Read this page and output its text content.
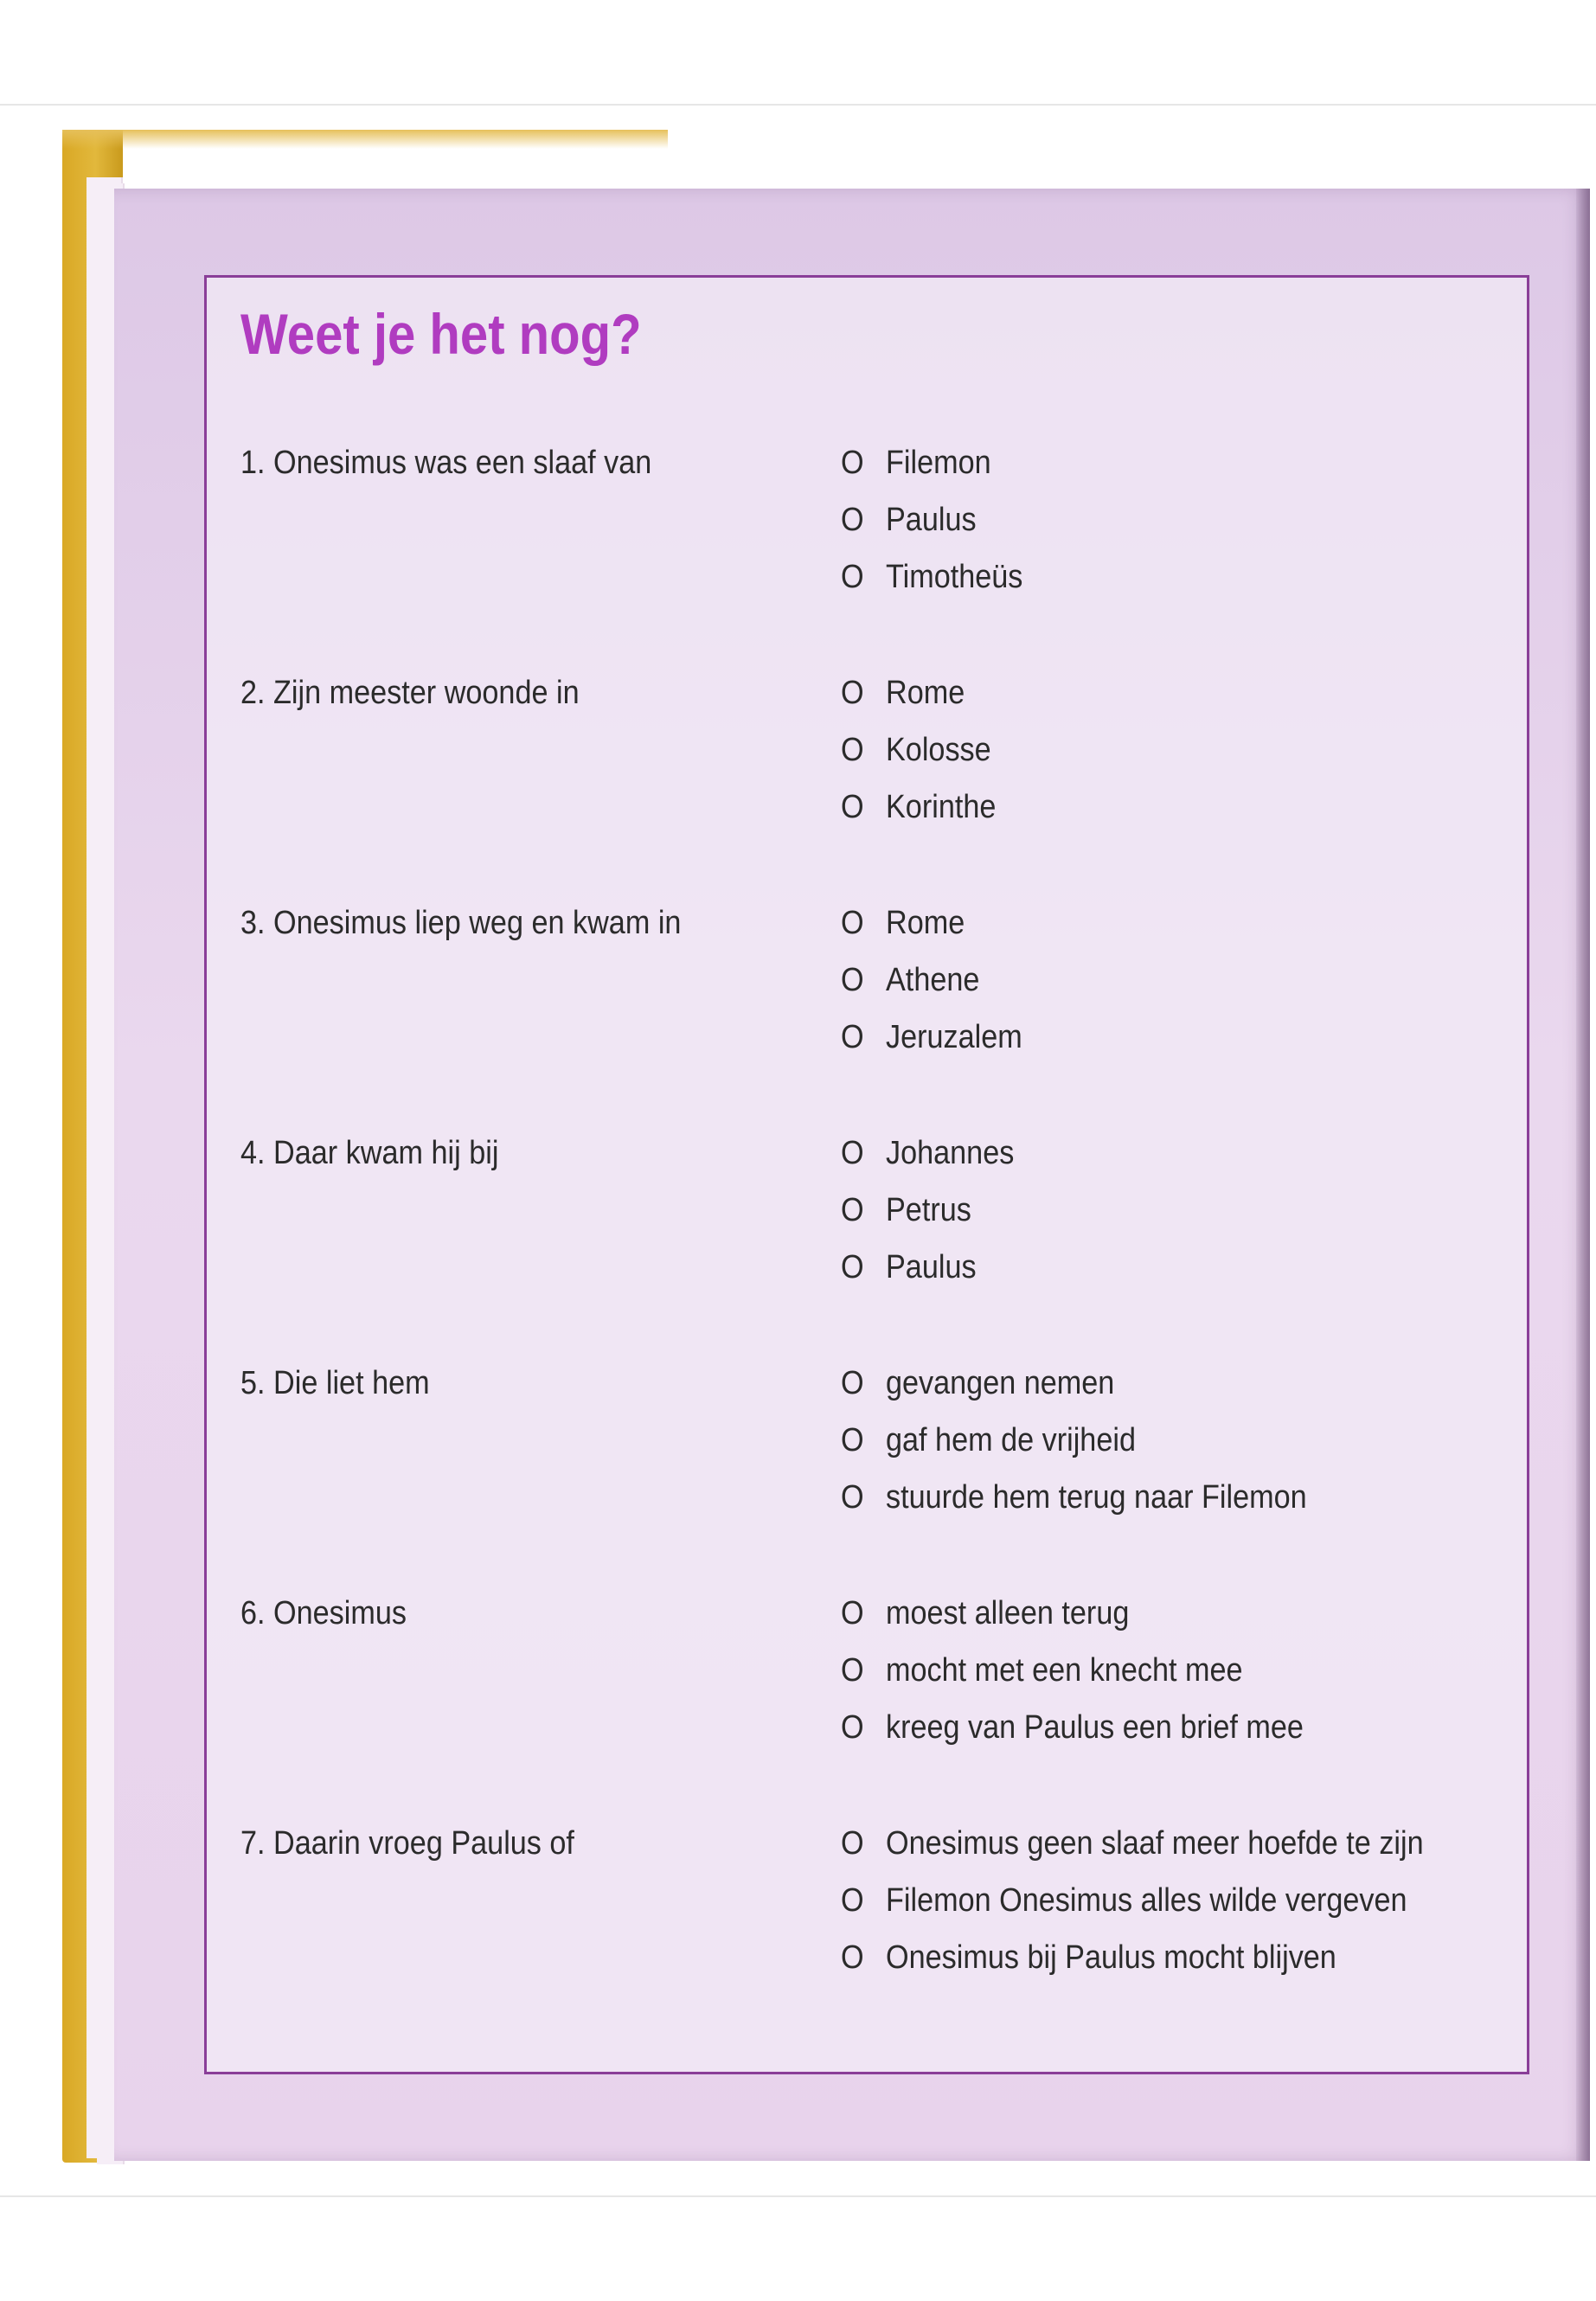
Weet je het nog?
1. Onesimus was een slaaf van	O Filemon
O Paulus
O Timotheüs
2. Zijn meester woonde in	O Rome
O Kolosse
O Korinthe
3. Onesimus liep weg en kwam in	O Rome
O Athene
O Jeruzalem
4. Daar kwam hij bij	O Johannes
O Petrus
O Paulus
5. Die liet hem	O gevangen nemen
O gaf hem de vrijheid
O stuurde hem terug naar Filemon
6. Onesimus	O moest alleen terug
O mocht met een knecht mee
O kreeg van Paulus een brief mee
7. Daarin vroeg Paulus of	O Onesimus geen slaaf meer hoefde te zijn
O Filemon Onesimus alles wilde vergeven
O Onesimus bij Paulus mocht blijven
